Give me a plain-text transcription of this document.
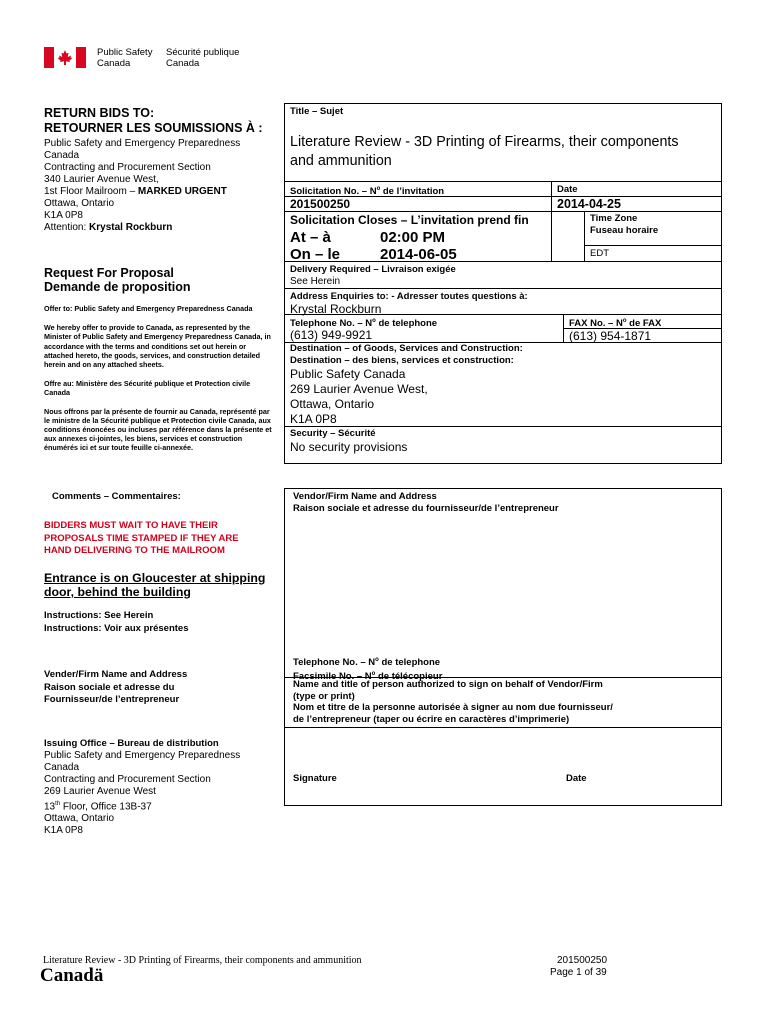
Public Safety
Canada
Sécurité publique
Canada
RETURN BIDS TO:
RETOURNER LES SOUMISSIONS À :
Public Safety and Emergency Preparedness
Canada
Contracting and Procurement Section
340 Laurier Avenue West,
1st Floor Mailroom – MARKED URGENT
Ottawa, Ontario
K1A 0P8
Attention: Krystal Rockburn
Request For Proposal
Demande de proposition
Offer to: Public Safety and Emergency Preparedness Canada
We hereby offer to provide to Canada, as represented by the Minister of Public Safety and Emergency Preparedness Canada, in accordance with the terms and conditions set out herein or attached hereto, the goods, services, and construction detailed herein and on any attached sheets.
Offre au: Ministère des Sécurité publique et Protection civile Canada
Nous offrons par la présente de fournir au Canada, représenté par le ministre de la Sécurité publique et Protection civile Canada, aux conditions énoncées ou incluses par référence dans la présente et aux annexes ci-jointes, les biens, services et construction énumérés ici et sur toute feuille ci-annexée.
Comments – Commentaires:
BIDDERS MUST WAIT TO HAVE THEIR
PROPOSALS TIME STAMPED IF THEY ARE
HAND DELIVERING TO THE MAILROOM
Entrance is on Gloucester at shipping
door, behind the building
Instructions: See Herein
Instructions: Voir aux présentes
Vender/Firm Name and Address
Raison sociale et adresse du
Fournisseur/de l’entrepreneur
Issuing Office – Bureau de distribution
Public Safety and Emergency Preparedness
Canada
Contracting and Procurement Section
269 Laurier Avenue West
13th Floor, Office 13B-37
Ottawa, Ontario
K1A 0P8
Title – Sujet
Literature Review - 3D Printing of Firearms, their components
and ammunition
Solicitation No. – $N^o$ de l’invitation	Date
201500250	2014-04-25
Solicitation Closes – L’invitation prend fin
At – à	02:00 PM
On – le	2014-06-05
Time Zone
Fuseau horaire
EDT
Delivery Required – Livraison exigée
See Herein
Address Enquiries to: - Adresser toutes questions à:
Krystal Rockburn
Telephone No. – $N^o$ de telephone
(613) 949-9921
FAX No. – $N^o$ de FAX
(613) 954-1871
Destination – of Goods, Services and Construction:
Destination – des biens, services et construction:
Public Safety Canada
269 Laurier Avenue West,
Ottawa, Ontario
K1A 0P8
Security – Sécurité
No security provisions
Vendor/Firm Name and Address
Raison sociale et adresse du fournisseur/de l’entrepreneur
Telephone No. – $N^o$ de telephone
Facsimile No. – $N^o$ de télécopieur
Name and title of person authorized to sign on behalf of Vendor/Firm
(type or print)
Nom et titre de la personne autorisée à signer au nom due fournisseur/
de l’entrepreneur (taper ou écrire en caractères d’imprimerie)
Signature	Date
Literature Review - 3D Printing of Firearms, their components and ammunition
Canadä
201500250
Page 1 of 39
